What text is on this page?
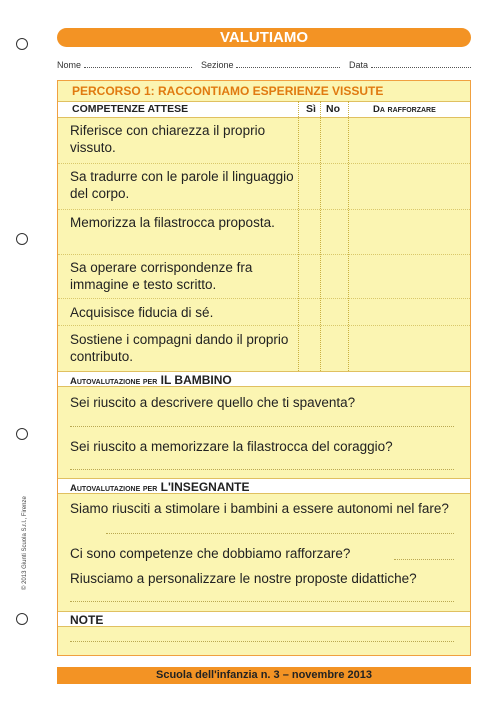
VALUTIAMO
Nome	Sezione	Data
PERCORSO 1: RACCONTIAMO ESPERIENZE VISSUTE
COMPETENZE ATTESE	Sì No	Da rafforzare
Riferisce con chiarezza il proprio vissuto.
Sa tradurre con le parole il linguaggio del corpo.
Memorizza la filastrocca proposta.
Sa operare corrispondenze fra immagine e testo scritto.
Acquisisce fiducia di sé.
Sostiene i compagni dando il proprio contributo.
Autovalutazione per IL BAMBINO
Sei riuscito a descrivere quello che ti spaventa?
Sei riuscito a memorizzare la filastrocca del coraggio?
Autovalutazione per L'INSEGNANTE
Siamo riusciti a stimolare i bambini a essere autonomi nel fare?
Ci sono competenze che dobbiamo rafforzare?
Riusciamo a personalizzare le nostre proposte didattiche?
NOTE
Scuola dell'infanzia n. 3 – novembre 2013
© 2013 Giunti Scuola S.r.l., Firenze
